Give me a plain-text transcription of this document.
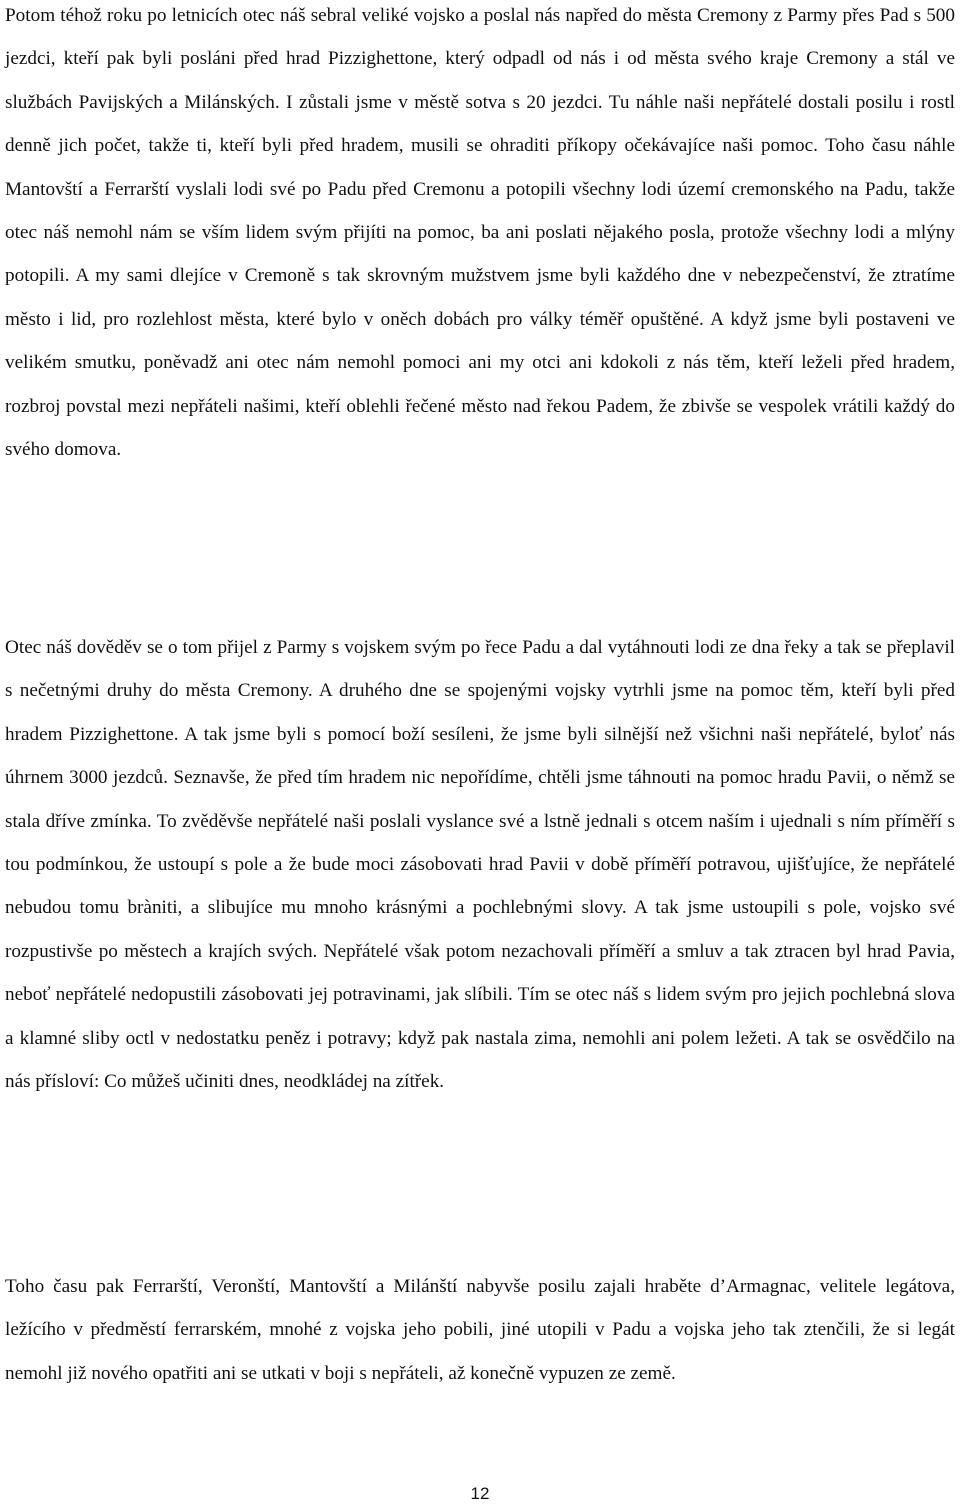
Potom téhož roku po letnicích otec náš sebral veliké vojsko a poslal nás napřed do města Cremony z Parmy přes Pad s 500 jezdci, kteří pak byli posláni před hrad Pizzighettone, který odpadl od nás i od města svého kraje Cremony a stál ve službách Pavijských a Milánských. I zůstali jsme v městě sotva s 20 jezdci. Tu náhle naši nepřátelé dostali posilu i rostl denně jich počet, takže ti, kteří byli před hradem, musili se ohraditi příkopy očekávajíce naši pomoc. Toho času náhle Mantovští a Ferrarští vyslali lodi své po Padu před Cremonu a potopili všechny lodi území cremonského na Padu, takže otec náš nemohl nám se vším lidem svým přijíti na pomoc, ba ani poslati nějakého posla, protože všechny lodi a mlýny potopili. A my sami dlejíce v Cremoně s tak skrovným mužstvem jsme byli každého dne v nebezpečenství, že ztratíme město i lid, pro rozlehlost města, které bylo v oněch dobách pro války téměř opuštěné. A když jsme byli postaveni ve velikém smutku, poněvadž ani otec nám nemohl pomoci ani my otci ani kdokoli z nás těm, kteří leželi před hradem, rozbroj povstal mezi nepřáteli našimi, kteří oblehli řečené město nad řekou Padem, že zbivše se vespolek vrátili každý do svého domova.

Otec náš dověděv se o tom přijel z Parmy s vojskem svým po řece Padu a dal vytáhnouti lodi ze dna řeky a tak se přeplavil s nečetnými druhy do města Cremony. A druhého dne se spojenými vojsky vytrhli jsme na pomoc těm, kteří byli před hradem Pizzighettone. A tak jsme byli s pomocí boží sesíleni, že jsme byli silnější než všichni naši nepřátelé, byloť nás úhrnem 3000 jezdců. Seznavše, že před tím hradem nic nepořídíme, chtěli jsme táhnouti na pomoc hradu Pavii, o němž se stala dříve zmínka. To zvěděvše nepřátelé naši poslali vyslance své a lstně jednali s otcem naším i ujednali s ním příměří s tou podmínkou, že ustoupí s pole a že bude moci zásobovati hrad Pavii v době příměří potravou, ujišťujíce, že nepřátelé nebudou tomu bràniti, a slibujíce mu mnoho krásnými a pochlebnými slovy. A tak jsme ustoupili s pole, vojsko své rozpustivše po městech a krajích svých. Nepřátelé však potom nezachovali příměří a smluv a tak ztracen byl hrad Pavia, neboť nepřátelé nedopustili zásobovati jej potravinami, jak slíbili. Tím se otec náš s lidem svým pro jejich pochlebná slova a klamné sliby octl v nedostatku peněz i potravy; když pak nastala zima, nemohli ani polem ležeti. A tak se osvědčilo na nás přísloví: Co můžeš učiniti dnes, neodkládej na zítřek.

Toho času pak Ferrarští, Veronští, Mantovští a Milánští nabyvše posilu zajali hraběte d’Armagnac, velitele legátova, ležícího v předměstí ferrarském, mnohé z vojska jeho pobili, jiné utopili v Padu a vojska jeho tak ztenčili, že si legát nemohl již nového opatřiti ani se utkati v boji s nepřáteli, až konečně vypuzen ze země.

12
